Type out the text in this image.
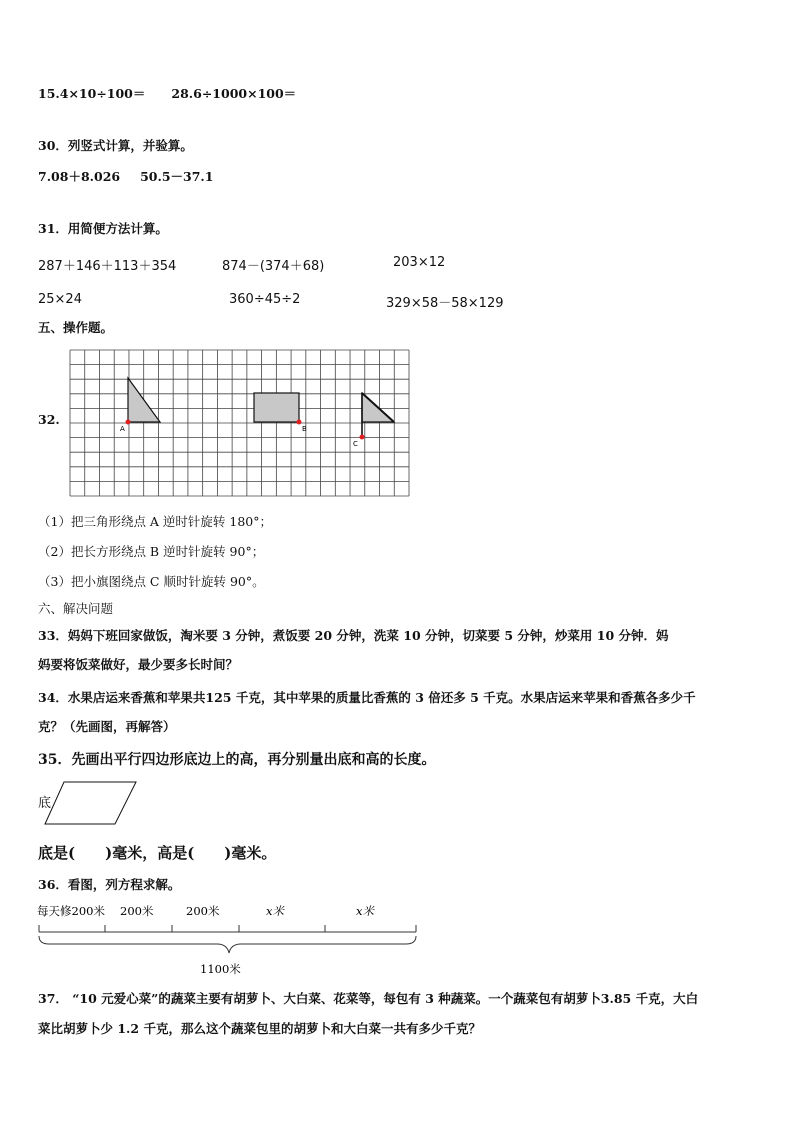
15.4×10÷100＝ 28.6÷1000×100＝
30．列竖式计算，并验算。
7.08＋8.026 50.5－37.1
31．用简便方法计算。
287＋146＋113＋354	874－(374＋68)	203×12
25×24	360÷45÷2	329×58－58×129
五、操作题。
32.
A	B
C
（1）把三角形绕点 A 逆时针旋转 180°；
（2）把长方形绕点 B 逆时针旋转 90°；
（3）把小旗图绕点 C 顺时针旋转 90°。
六、解决问题
33．妈妈下班回家做饭，淘米要 3 分钟，煮饭要 20 分钟，洗菜 10 分钟，切菜要 5 分钟，炒菜用 10 分钟．妈
妈要将饭菜做好，最少要多长时间？
34．水果店运来香蕉和苹果共125 千克，其中苹果的质量比香蕉的 3 倍还多 5 千克。水果店运来苹果和香蕉各多少千
克？（先画图，再解答）
35．先画出平行四边形底边上的高，再分别量出底和高的长度。
底
底是(　　)毫米，高是(　　)毫米。
36．看图，列方程求解。
每天修200米 200米	200米	x米	x米
1100米
37． “10 元爱心菜”的蔬菜主要有胡萝卜、大白菜、花菜等，每包有 3 种蔬菜。一个蔬菜包有胡萝卜3.85 千克，大白
菜比胡萝卜少 1.2 千克，那么这个蔬菜包里的胡萝卜和大白菜一共有多少千克？
